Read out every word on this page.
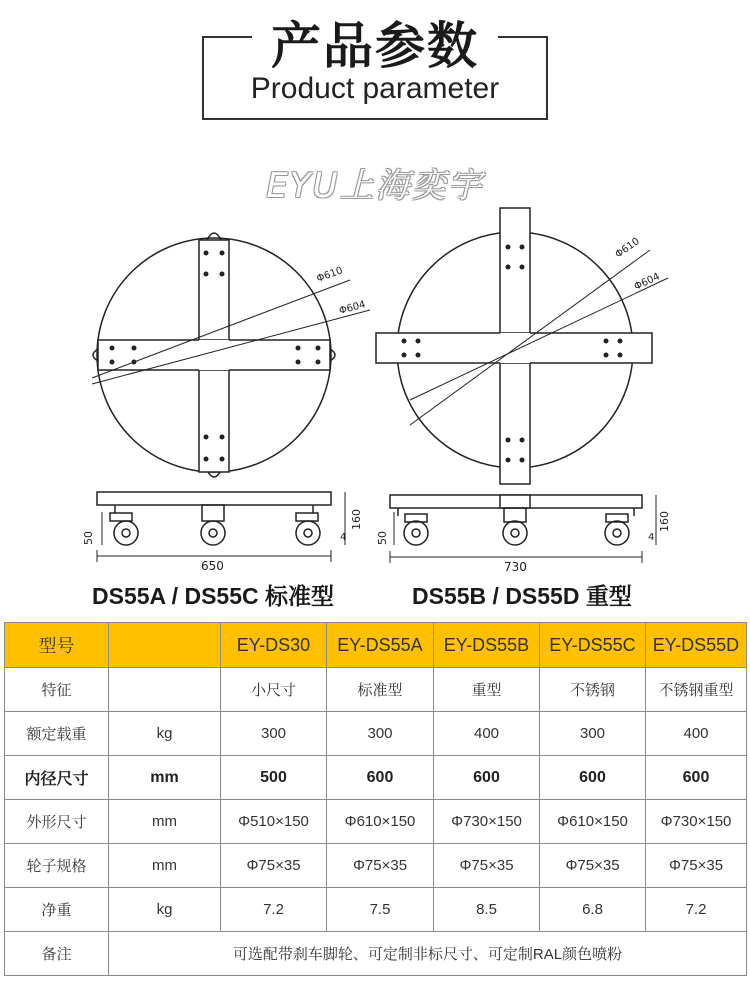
产品参数
Product parameter
EYU上海奕宇
Φ610
Φ604
Φ610
Φ604
650	730
160	160
50	50
4	4
DS55A / DS55C 标准型	DS55B / DS55D 重型
型号		EY-DS30	EY-DS55A	EY-DS55B	EY-DS55C	EY-DS55D
特征		小尺寸	标准型	重型	不锈钢	不锈钢重型
额定载重	kg	300	300	400	300	400
内径尺寸	mm	500	600	600	600	600
外形尺寸	mm	Φ510×150	Φ610×150	Φ730×150	Φ610×150	Φ730×150
轮子规格	mm	Φ75×35	Φ75×35	Φ75×35	Φ75×35	Φ75×35
净重	kg	7.2	7.5	8.5	6.8	7.2
备注	可选配带刹车脚轮、可定制非标尺寸、可定制RAL颜色喷粉					
